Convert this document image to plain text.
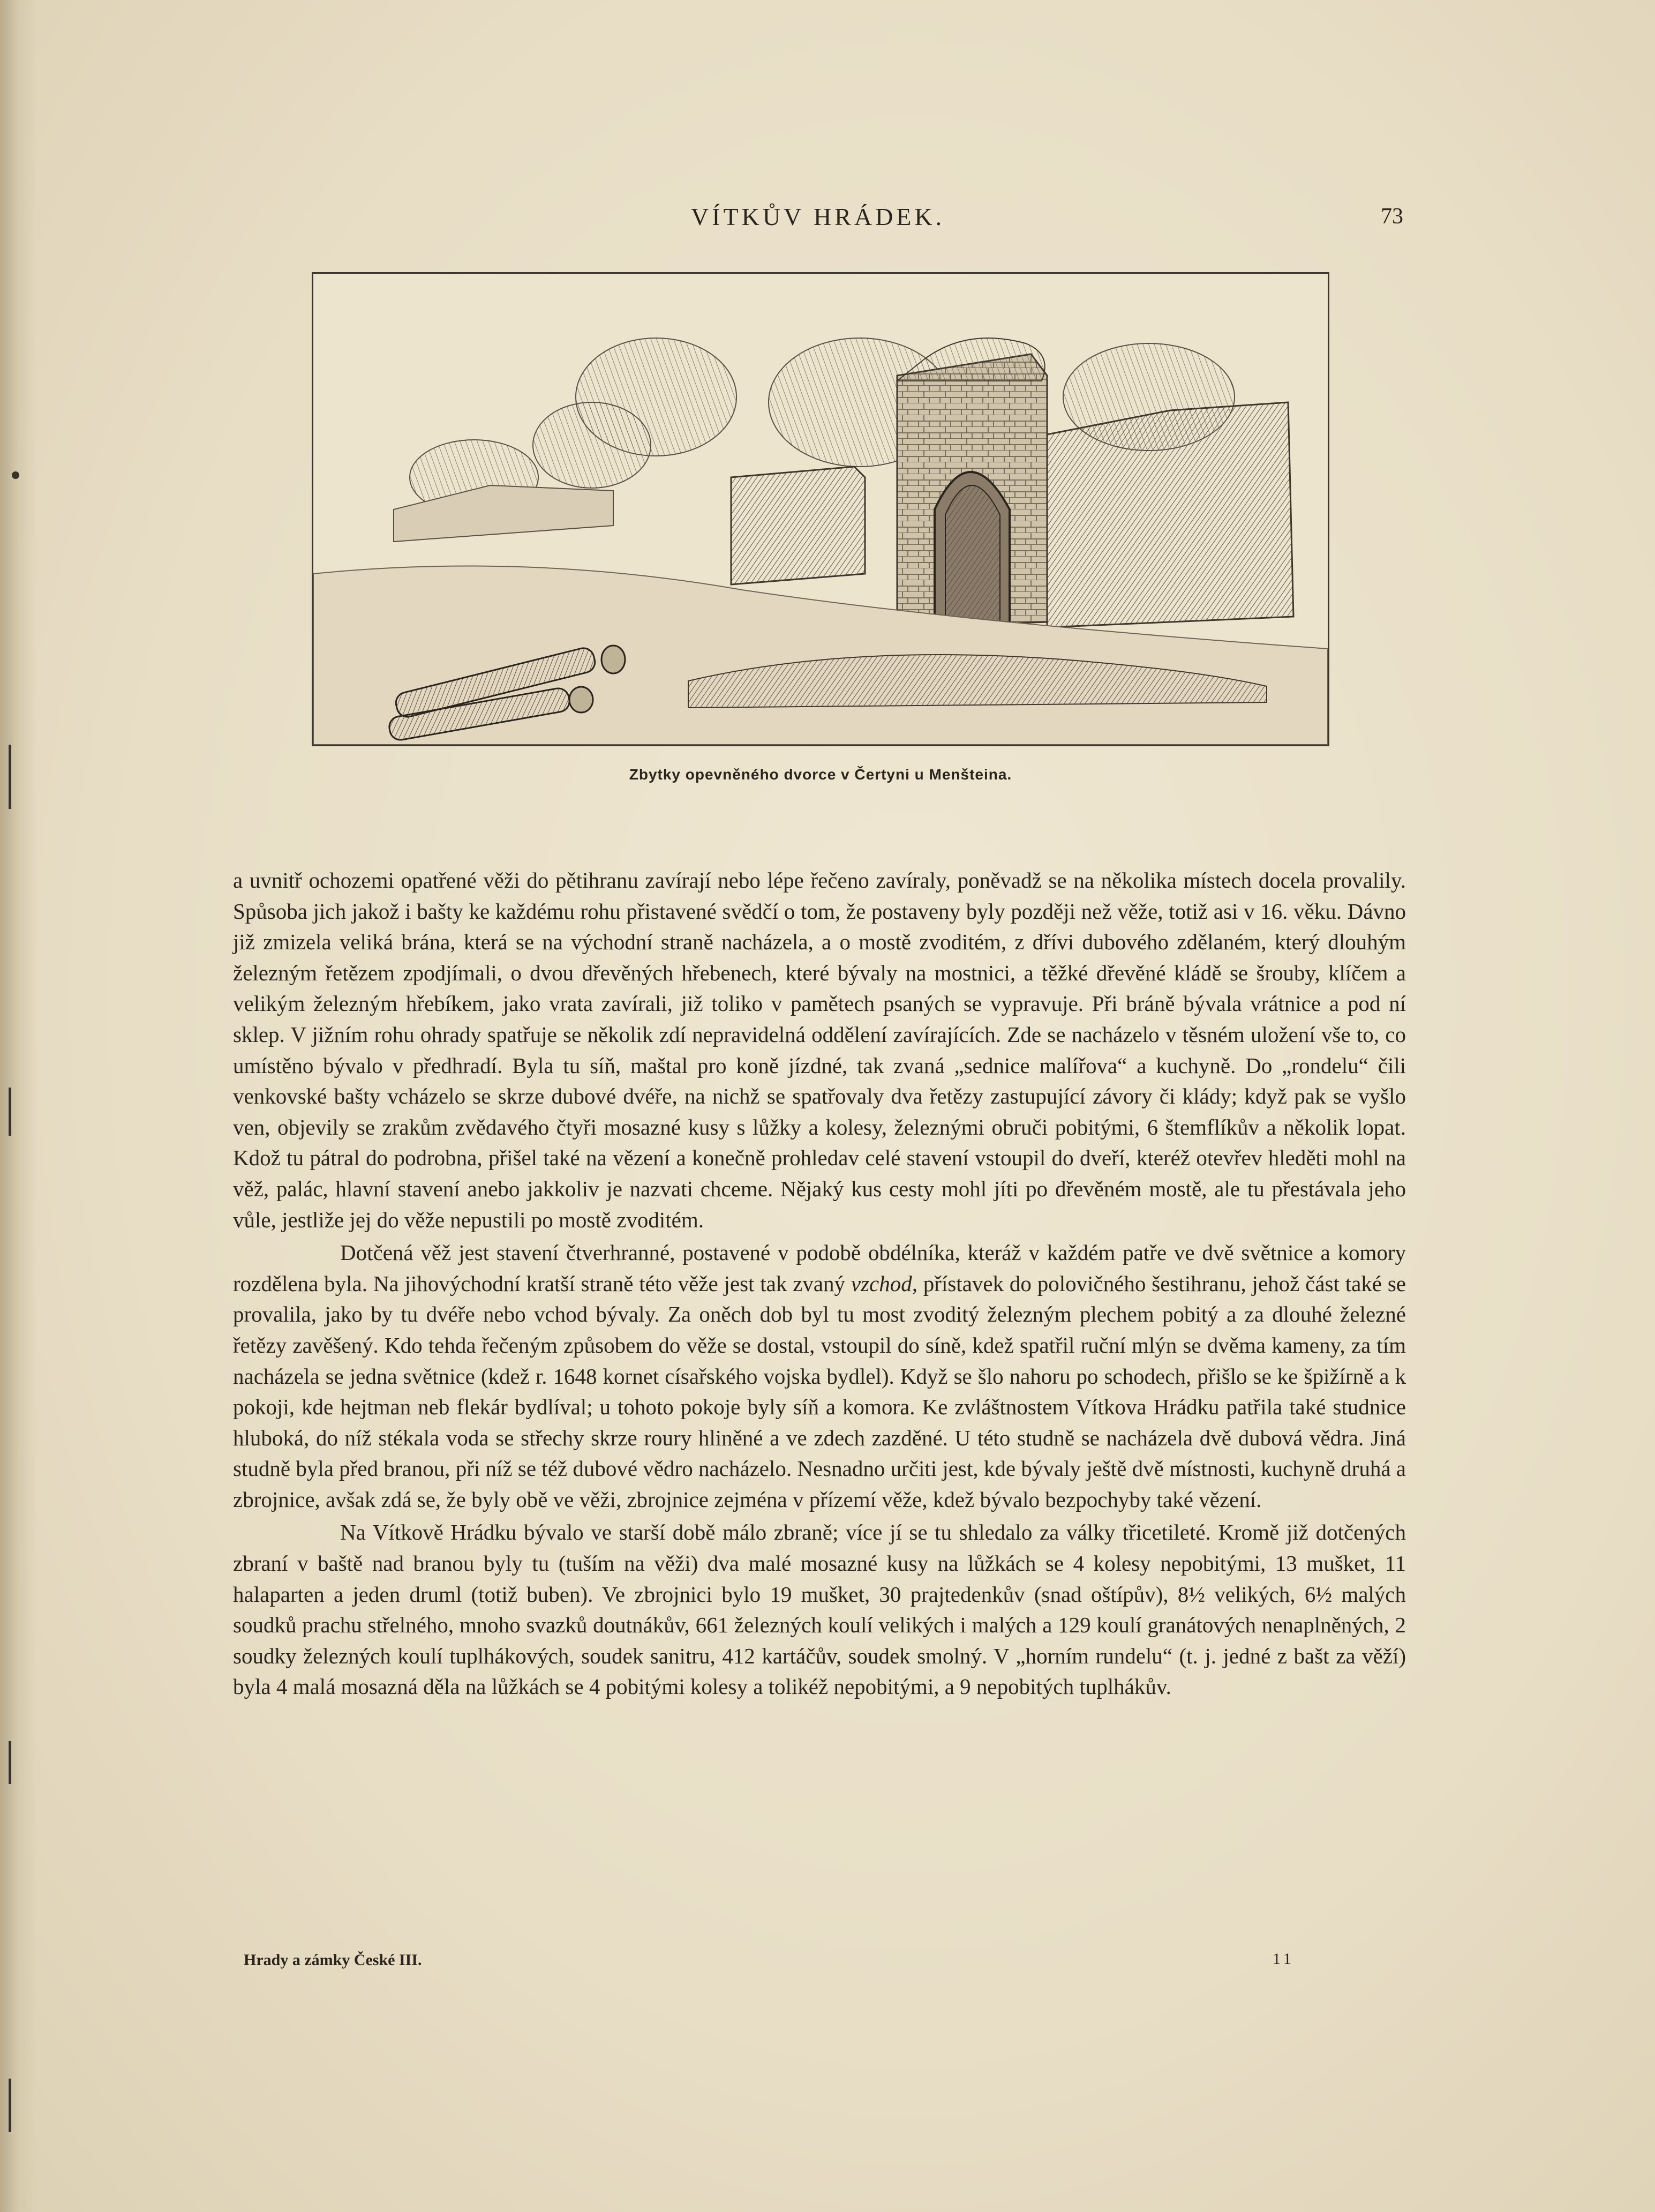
VÍTKŮV HRÁDEK.	73
Zbytky opevněného dvorce v Čertyni u Menšteina.

a uvnitř ochozemi opatřené věži do pětihranu zavírají nebo lépe řečeno zavíraly, poněvadž se na několika místech docela provalily. Spůsoba jich jakož i bašty ke každému rohu přistavené svědčí o tom, že postaveny byly později než věže, totiž asi v 16. věku. Dávno již zmizela veliká brána, která se na východní straně nacházela, a o mostě zvoditém, z dřívi dubového zdělaném, který dlouhým železným řetězem zpodjímali, o dvou dřevěných hřebenech, které bývaly na mostnici, a těžké dřevěné kládě se šrouby, klíčem a velikým železným hřebíkem, jako vrata zavírali, již toliko v pamětech psaných se vypravuje. Při bráně bývala vrátnice a pod ní sklep. V jižním rohu ohrady spatřuje se několik zdí nepravidelná oddělení zavírajících. Zde se nacházelo v těsném uložení vše to, co umístěno bývalo v předhradí. Byla tu síň, maštal pro koně jízdné, tak zvaná „sednice malířova“ a kuchyně. Do „rondelu“ čili venkovské bašty vcházelo se skrze dubové dvéře, na nichž se spatřovaly dva řetězy zastupující závory či klády; když pak se vyšlo ven, objevily se zrakům zvědavého čtyři mosazné kusy s lůžky a kolesy, železnými obruči pobitými, 6 štemflíkův a několik lopat. Kdož tu pátral do podrobna, přišel také na vězení a konečně prohledav celé stavení vstoupil do dveří, kteréž otevřev hleděti mohl na věž, palác, hlavní stavení anebo jakkoliv je nazvati chceme. Nějaký kus cesty mohl jíti po dřevěném mostě, ale tu přestávala jeho vůle, jestliže jej do věže nepustili po mostě zvoditém.

Dotčená věž jest stavení čtverhranné, postavené v podobě obdélníka, kteráž v každém patře ve dvě světnice a komory rozdělena byla. Na jihovýchodní kratší straně této věže jest tak zvaný vzchod, přístavek do polovičného šestihranu, jehož část také se provalila, jako by tu dvéře nebo vchod bývaly. Za oněch dob byl tu most zvoditý železným plechem pobitý a za dlouhé železné řetězy zavěšený. Kdo tehda řečeným způsobem do věže se dostal, vstoupil do síně, kdež spatřil ruční mlýn se dvěma kameny, za tím nacházela se jedna světnice (kdež r. 1648 kornet císařského vojska bydlel). Když se šlo nahoru po schodech, přišlo se ke špižírně a k pokoji, kde hejtman neb flekár bydlíval; u tohoto pokoje byly síň a komora. Ke zvláštnostem Vítkova Hrádku patřila také studnice hluboká, do níž stékala voda se střechy skrze roury hliněné a ve zdech zazděné. U této studně se nacházela dvě dubová vědra. Jiná studně byla před branou, při níž se též dubové vědro nacházelo. Nesnadno určiti jest, kde bývaly ještě dvě místnosti, kuchyně druhá a zbrojnice, avšak zdá se, že byly obě ve věži, zbrojnice zejména v přízemí věže, kdež bývalo bezpochyby také vězení.

Na Vítkově Hrádku bývalo ve starší době málo zbraně; více jí se tu shledalo za války třicetileté. Kromě již dotčených zbraní v baště nad branou byly tu (tuším na věži) dva malé mosazné kusy na lůžkách se 4 kolesy nepobitými, 13 mušket, 11 halaparten a jeden druml (totiž buben). Ve zbrojnici bylo 19 mušket, 30 prajtedenkův (snad oštípův), 8½ velikých, 6½ malých soudků prachu střelného, mnoho svazků doutnákův, 661 železných koulí velikých i malých a 129 koulí granátových nenaplněných, 2 soudky železných koulí tuplhákových, soudek sanitru, 412 kartáčův, soudek smolný. V „horním rundelu“ (t. j. jedné z bašt za věží) byla 4 malá mosazná děla na lůžkách se 4 pobitými kolesy a tolikéž nepobitými, a 9 nepobitých tuplhákův.

Hrady a zámky České III.	11
